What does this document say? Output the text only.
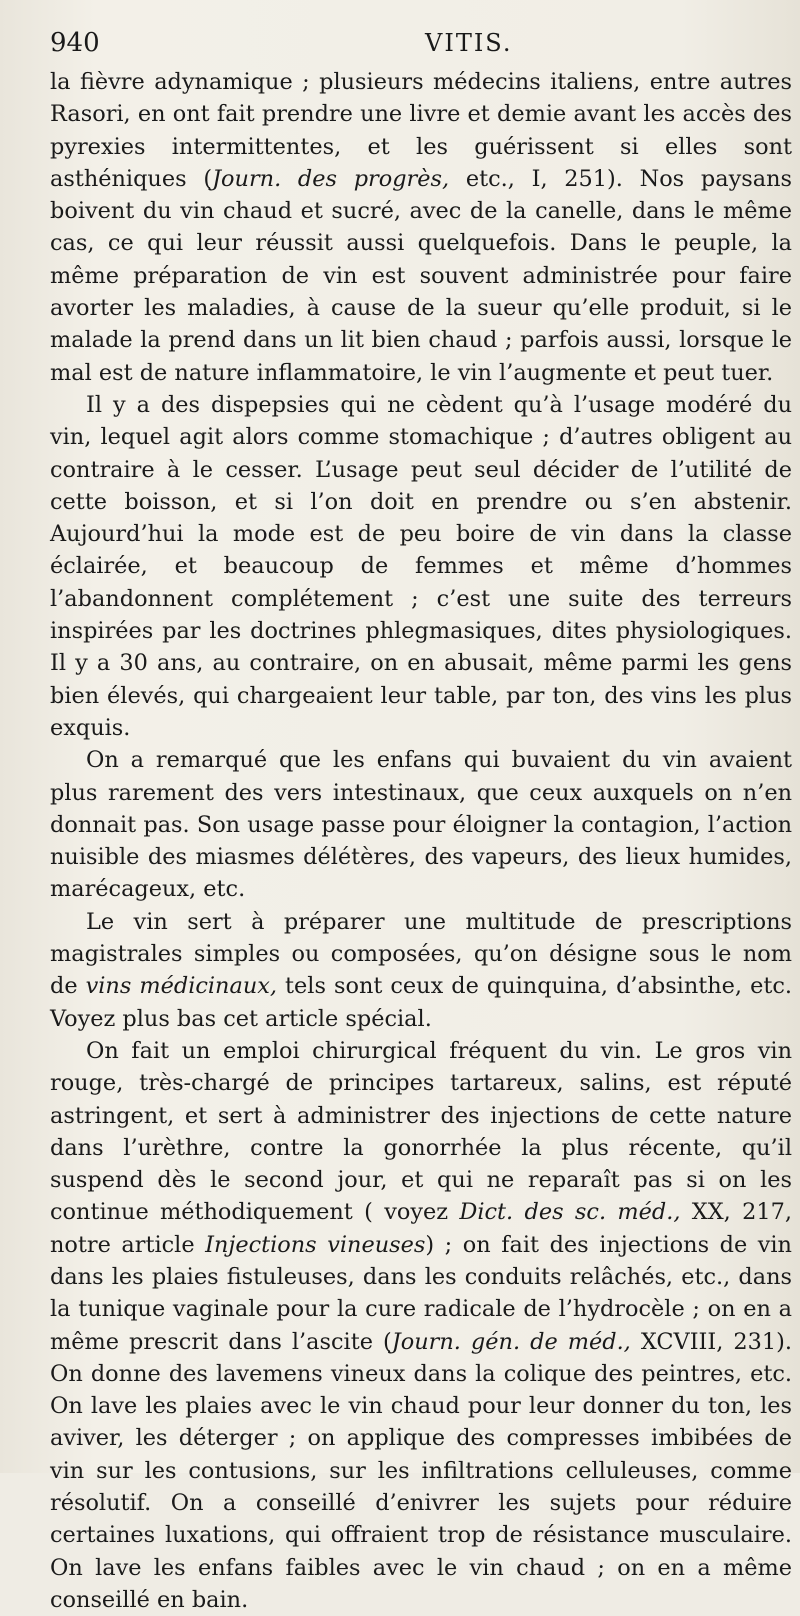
940	VITIS.

la fièvre adynamique ; plusieurs médecins italiens, entre autres Rasori, en ont fait prendre une livre et demie avant les accès des pyrexies intermittentes, et les guérissent si elles sont asthéniques (Journ. des progrès, etc., I, 251). Nos paysans boivent du vin chaud et sucré, avec de la canelle, dans le même cas, ce qui leur réussit aussi quelquefois. Dans le peuple, la même préparation de vin est souvent administrée pour faire avorter les maladies, à cause de la sueur qu’elle produit, si le malade la prend dans un lit bien chaud ; parfois aussi, lorsque le mal est de nature inflammatoire, le vin l’augmente et peut tuer.

Il y a des dispepsies qui ne cèdent qu’à l’usage modéré du vin, lequel agit alors comme stomachique ; d’autres obligent au contraire à le cesser. L’usage peut seul décider de l’utilité de cette boisson, et si l’on doit en prendre ou s’en abstenir. Aujourd’hui la mode est de peu boire de vin dans la classe éclairée, et beaucoup de femmes et même d’hommes l’abandonnent complétement ; c’est une suite des terreurs inspirées par les doctrines phlegmasiques, dites physiologiques. Il y a 30 ans, au contraire, on en abusait, même parmi les gens bien élevés, qui chargeaient leur table, par ton, des vins les plus exquis.

On a remarqué que les enfans qui buvaient du vin avaient plus rarement des vers intestinaux, que ceux auxquels on n’en donnait pas. Son usage passe pour éloigner la contagion, l’action nuisible des miasmes délétères, des vapeurs, des lieux humides, marécageux, etc.

Le vin sert à préparer une multitude de prescriptions magistrales simples ou composées, qu’on désigne sous le nom de vins médicinaux, tels sont ceux de quinquina, d’absinthe, etc. Voyez plus bas cet article spécial.

On fait un emploi chirurgical fréquent du vin. Le gros vin rouge, très-chargé de principes tartareux, salins, est réputé astringent, et sert à administrer des injections de cette nature dans l’urèthre, contre la gonorrhée la plus récente, qu’il suspend dès le second jour, et qui ne reparaît pas si on les continue méthodiquement ( voyez Dict. des sc. méd., XX, 217, notre article Injections vineuses) ; on fait des injections de vin dans les plaies fistuleuses, dans les conduits relâchés, etc., dans la tunique vaginale pour la cure radicale de l’hydrocèle ; on en a même prescrit dans l’ascite (Journ. gén. de méd., XCVIII, 231). On donne des lavemens vineux dans la colique des peintres, etc. On lave les plaies avec le vin chaud pour leur donner du ton, les aviver, les déterger ; on applique des compresses imbibées de vin sur les contusions, sur les infiltrations celluleuses, comme résolutif. On a conseillé d’enivrer les sujets pour réduire certaines luxations, qui offraient trop de résistance musculaire. On lave les enfans faibles avec le vin chaud ; on en a même conseillé en bain.
